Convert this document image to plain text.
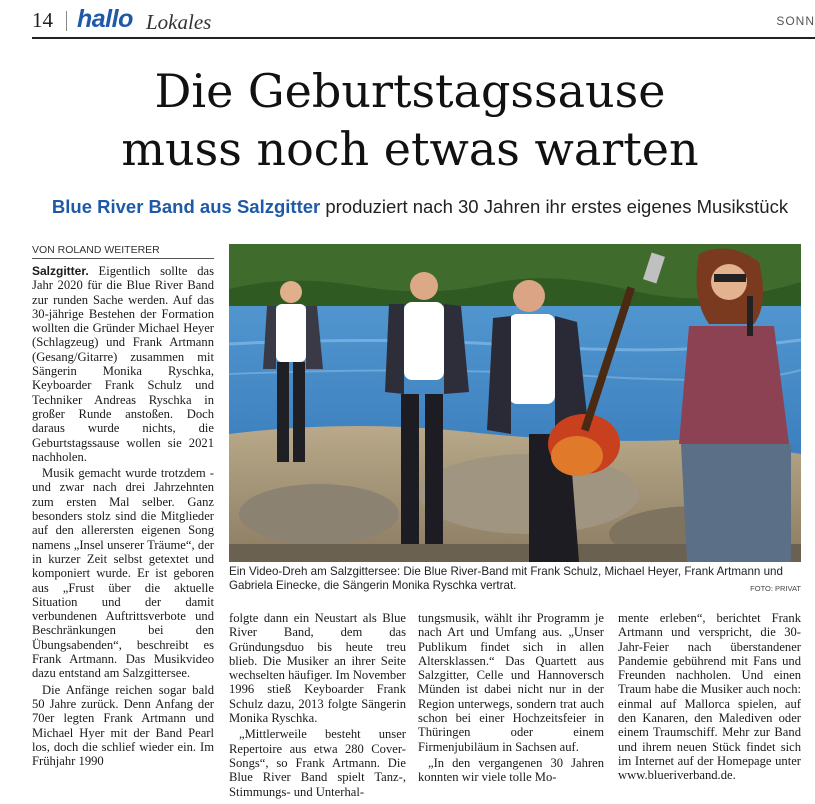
14 hallo Lokales	SONN
Die Geburtstagssause
muss noch etwas warten
Blue River Band aus Salzgitter produziert nach 30 Jahren ihr erstes eigenes Musikstück
VON ROLAND WEITERER

Salzgitter. Eigentlich sollte das Jahr 2020 für die Blue River Band zur runden Sache werden. Auf das 30-jährige Bestehen der Formation wollten die Gründer Michael Heyer (Schlagzeug) und Frank Artmann (Gesang/Gitarre) zusammen mit Sängerin Monika Ryschka, Keyboarder Frank Schulz und Techniker Andreas Ryschka in großer Runde anstoßen. Doch daraus wurde nichts, die Geburtstagssause wollen sie 2021 nachholen.

Musik gemacht wurde trotzdem - und zwar nach drei Jahrzehnten zum ersten Mal selber. Ganz besonders stolz sind die Mitglieder auf den allerersten eigenen Song namens „Insel unserer Träume“, der in kurzer Zeit selbst getextet und komponiert wurde. Er ist geboren aus „Frust über die aktuelle Situation und der damit verbundenen Auftrittsverbote und Beschränkungen bei den Übungsabenden“, beschreibt es Frank Artmann. Das Musikvideo dazu entstand am Salzgittersee.

Die Anfänge reichen sogar bald 50 Jahre zurück. Denn Anfang der 70er legten Frank Artmann und Michael Hyer mit der Band Pearl los, doch die schlief wieder ein. Im Frühjahr 1990

Ein Video-Dreh am Salzgittersee: Die Blue River-Band mit Frank Schulz, Michael Heyer, Frank Artmann und Gabriela Einecke, die Sängerin Monika Ryschka vertrat.	FOTO: PRIVAT

folgte dann ein Neustart als Blue River Band, dem das Gründungsduo bis heute treu blieb. Die Musiker an ihrer Seite wechselten häufiger. Im November 1996 stieß Keyboarder Frank Schulz dazu, 2013 folgte Sängerin Monika Ryschka.

„Mittlerweile besteht unser Repertoire aus etwa 280 Cover-Songs“, so Frank Artmann. Die Blue River Band spielt Tanz-, Stimmungs- und Unterhal-

tungsmusik, wählt ihr Programm je nach Art und Umfang aus. „Unser Publikum findet sich in allen Altersklassen.“ Das Quartett aus Salzgitter, Celle und Hannoversch Münden ist dabei nicht nur in der Region unterwegs, sondern trat auch schon bei einer Hochzeitsfeier in Thüringen oder einem Firmenjubiläum in Sachsen auf.

„In den vergangenen 30 Jahren konnten wir viele tolle Mo-

mente erleben“, berichtet Frank Artmann und verspricht, die 30-Jahr-Feier nach überstandener Pandemie gebührend mit Fans und Freunden nachholen. Und einen Traum habe die Musiker auch noch: einmal auf Mallorca spielen, auf den Kanaren, den Malediven oder einem Traumschiff. Mehr zur Band und ihrem neuen Stück findet sich im Internet auf der Homepage unter www.blueriverband.de.
